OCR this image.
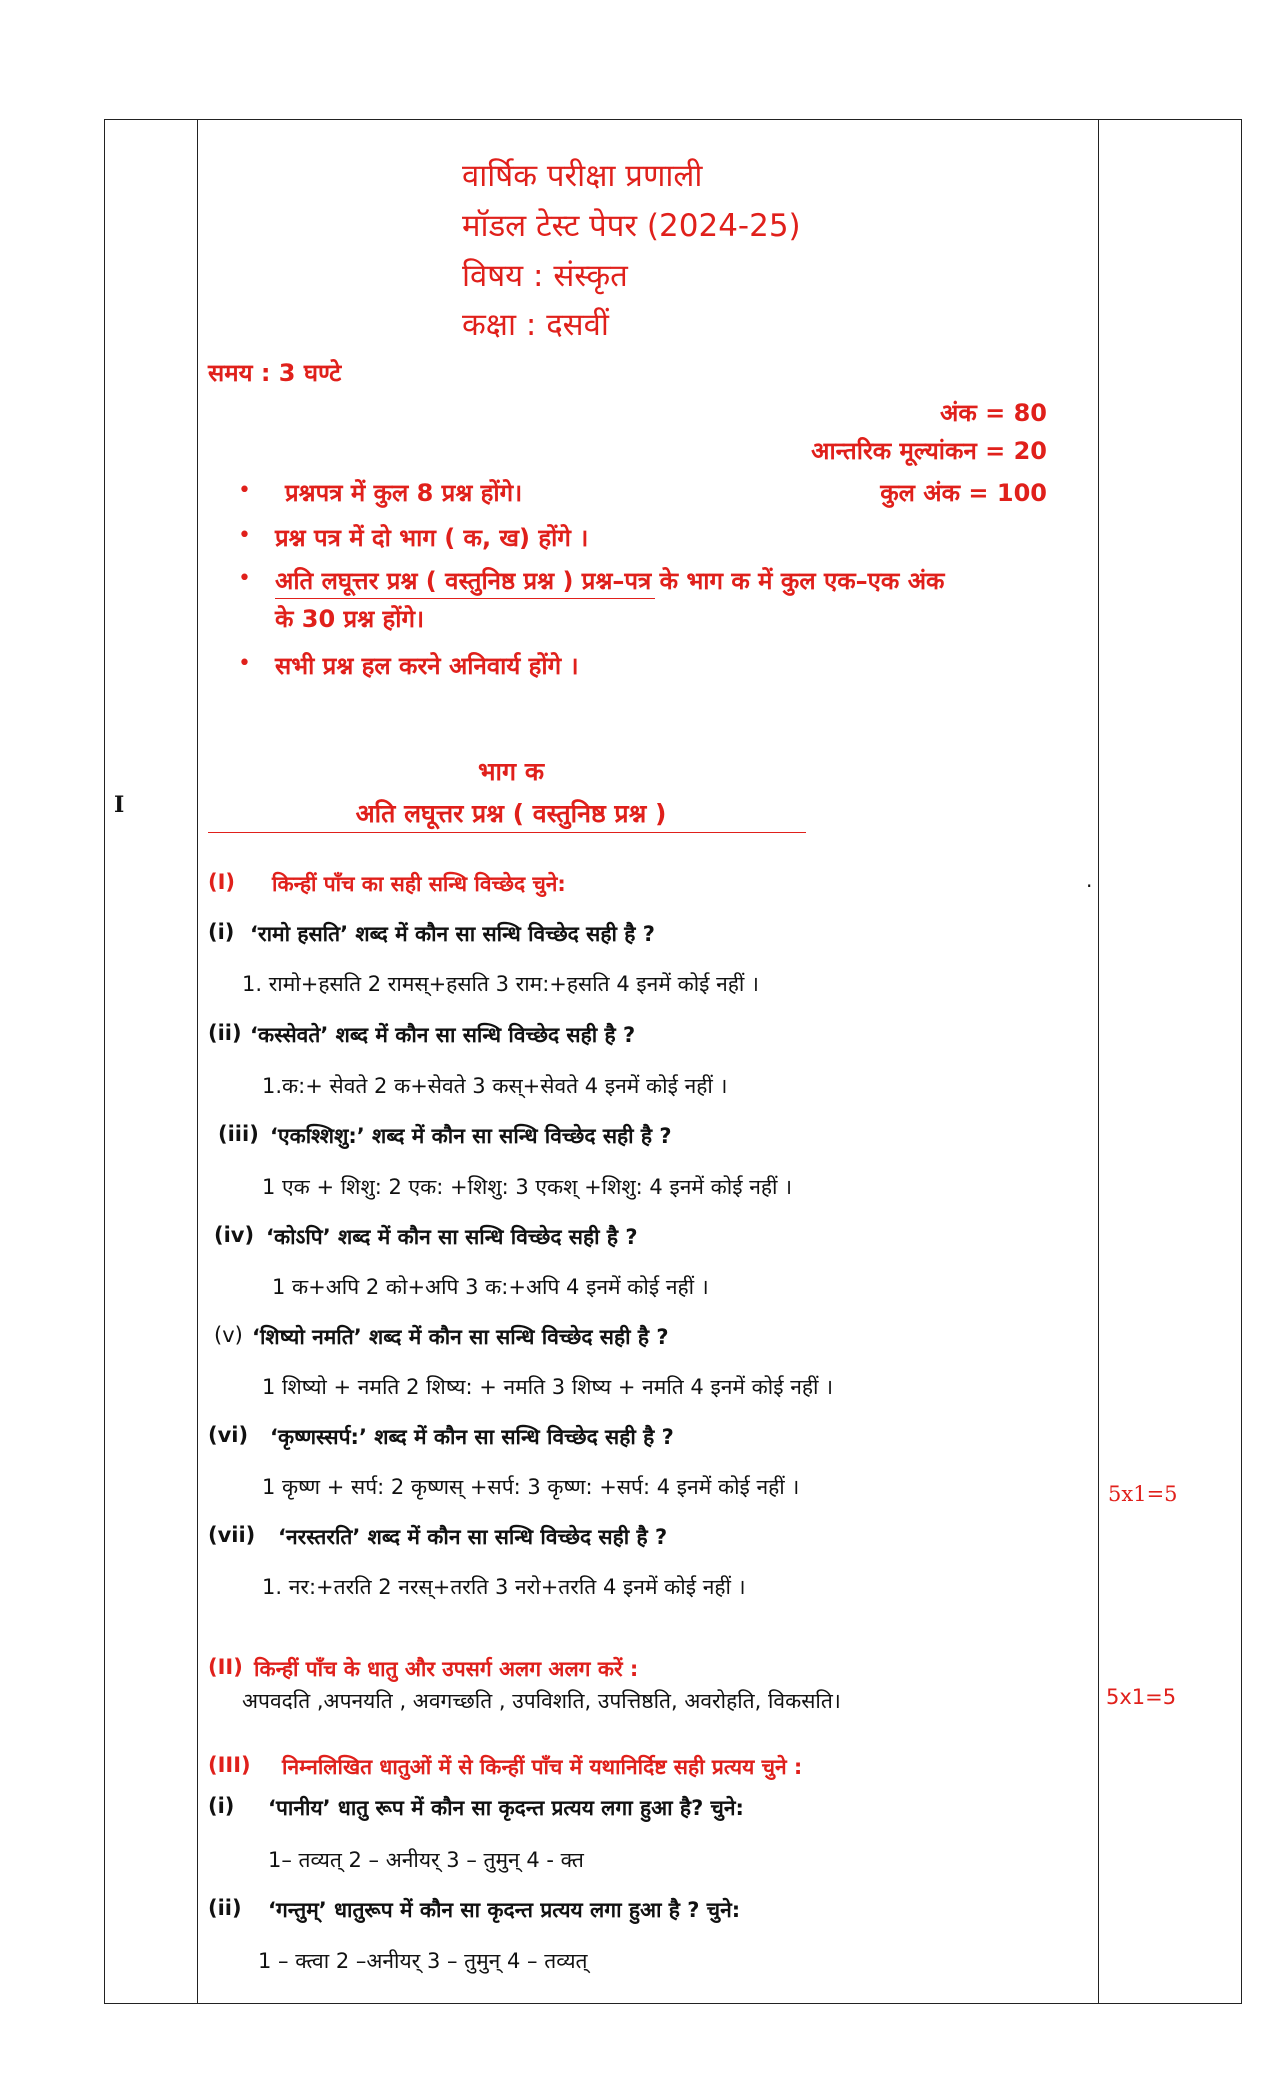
वार्षिक परीक्षा प्रणाली
मॉडल टेस्ट पेपर (2024-25)
विषय : संस्कृत
कक्षा : दसवीं
समय : 3 घण्टे
अंक = 80
आन्तरिक मूल्यांकन = 20
कुल अंक = 100
• प्रश्नपत्र में कुल 8 प्रश्न होंगे।
• प्रश्न पत्र में दो भाग ( क, ख) होंगे ।
• अति लघूत्तर प्रश्न ( वस्तुनिष्ठ प्रश्न ) प्रश्न–पत्र के भाग क में कुल एक–एक अंक
के 30 प्रश्न होंगे।
• सभी प्रश्न हल करने अनिवार्य होंगे ।
I
भाग क
अति लघूत्तर प्रश्न ( वस्तुनिष्ठ प्रश्न )
(I) किन्हीं पाँच का सही सन्धि विच्छेद चुने:	.
(i) ‘रामो हसति’ शब्द में कौन सा सन्धि विच्छेद सही है ?
1. रामो+हसति 2 रामस्+हसति 3 राम:+हसति 4 इनमें कोई नहीं ।
(ii) ‘कस्सेवते’ शब्द में कौन सा सन्धि विच्छेद सही है ?
1.क:+ सेवते 2 क+सेवते 3 कस्+सेवते 4 इनमें कोई नहीं ।
(iii) ‘एकश्शिशु:’ शब्द में कौन सा सन्धि विच्छेद सही है ?
1 एक + शिशु: 2 एक: +शिशु: 3 एकश् +शिशु: 4 इनमें कोई नहीं ।
(iv) ‘कोऽपि’ शब्द में कौन सा सन्धि विच्छेद सही है ?
1 क+अपि 2 को+अपि 3 क:+अपि 4 इनमें कोई नहीं ।
(v) ‘शिष्यो नमति’ शब्द में कौन सा सन्धि विच्छेद सही है ?
1 शिष्यो + नमति 2 शिष्य: + नमति 3 शिष्य + नमति 4 इनमें कोई नहीं ।
(vi) ‘कृष्णस्सर्प:’ शब्द में कौन सा सन्धि विच्छेद सही है ?
1 कृष्ण + सर्प: 2 कृष्णस् +सर्प: 3 कृष्ण: +सर्प: 4 इनमें कोई नहीं ।
(vii) ‘नरस्तरति’ शब्द में कौन सा सन्धि विच्छेद सही है ?
1. नर:+तरति 2 नरस्+तरति 3 नरो+तरति 4 इनमें कोई नहीं ।
5x1=5
(II) किन्हीं पाँच के धातु और उपसर्ग अलग अलग करें :
अपवदति ,अपनयति , अवगच्छति , उपविशति, उपत्तिष्ठति, अवरोहति, विकसति।	5x1=5
(III) निम्नलिखित धातुओं में से किन्हीं पाँच में यथानिर्दिष्ट सही प्रत्यय चुने :
(i) ‘पानीय’ धातु रूप में कौन सा कृदन्त प्रत्यय लगा हुआ है? चुने:
1– तव्यत् 2 – अनीयर् 3 – तुमुन् 4 - क्त
(ii) ‘गन्तुम्’ धातुरूप में कौन सा कृदन्त प्रत्यय लगा हुआ है ? चुने:
1 – क्त्वा 2 –अनीयर् 3 – तुमुन् 4 – तव्यत्
